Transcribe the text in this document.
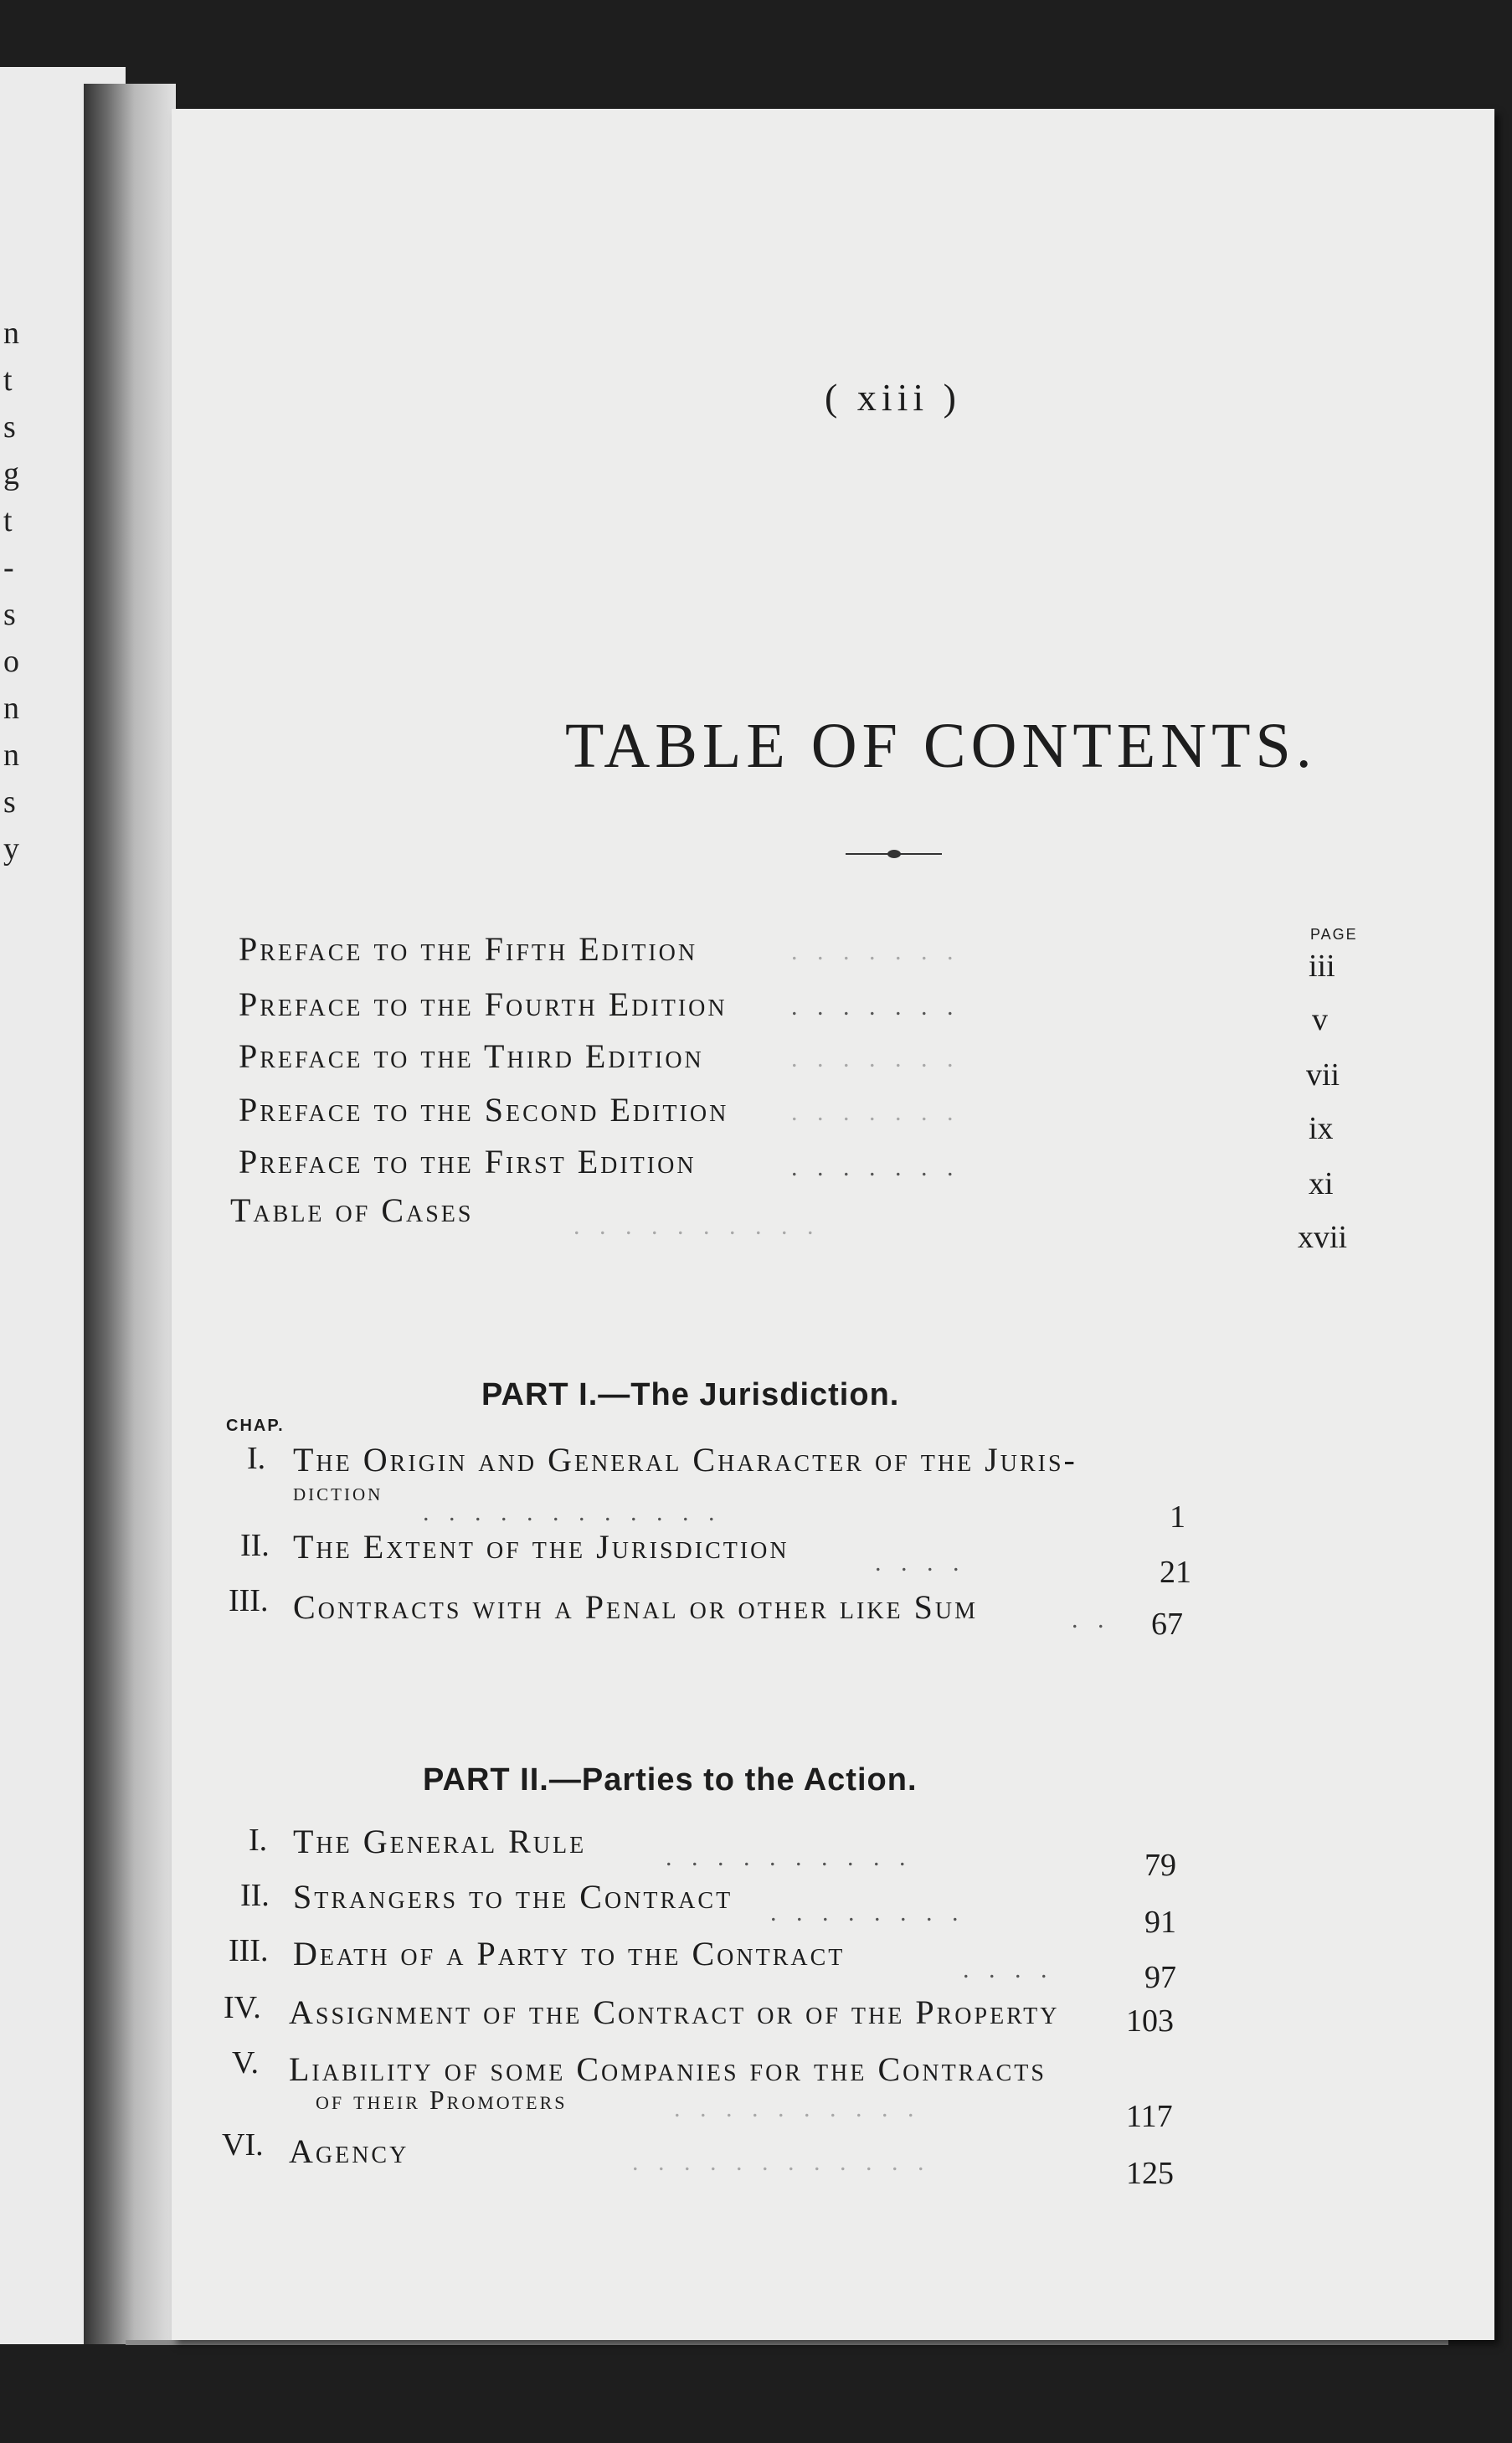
n
t
s
g
t
-
s
o
n
n
s
y
( xiii )
TABLE OF CONTENTS.
PAGE
Preface to the Fifth Edition	. . . . . . .	iii
Preface to the Fourth Edition	. . . . . . .	v
Preface to the Third Edition	. . . . . . .	vii
Preface to the Second Edition . . . . . . .	ix
Preface to the First Edition	. . . . . . .	xi
Table of Cases	. . . . . . . . . .	xvii
PART I.—The Jurisdiction.
CHAP.
I. The Origin and General Character of the Juris-
diction
. . . . . . . . . . . .	1
II. The Extent of the Jurisdiction	. . . .	21
III. Contracts with a Penal or other like Sum	. . 67
PART II.—Parties to the Action.
I. The General Rule	. . . . . . . . . .	79
II. Strangers to the Contract . . . . . . . .	91
III. Death of a Party to the Contract	. . . .	97
IV. Assignment of the Contract or of the Property 103
V. Liability of some Companies for the Contracts
of their Promoters	. . . . . . . . . .	117
VI. Agency	. . . . . . . . . . . .	125
